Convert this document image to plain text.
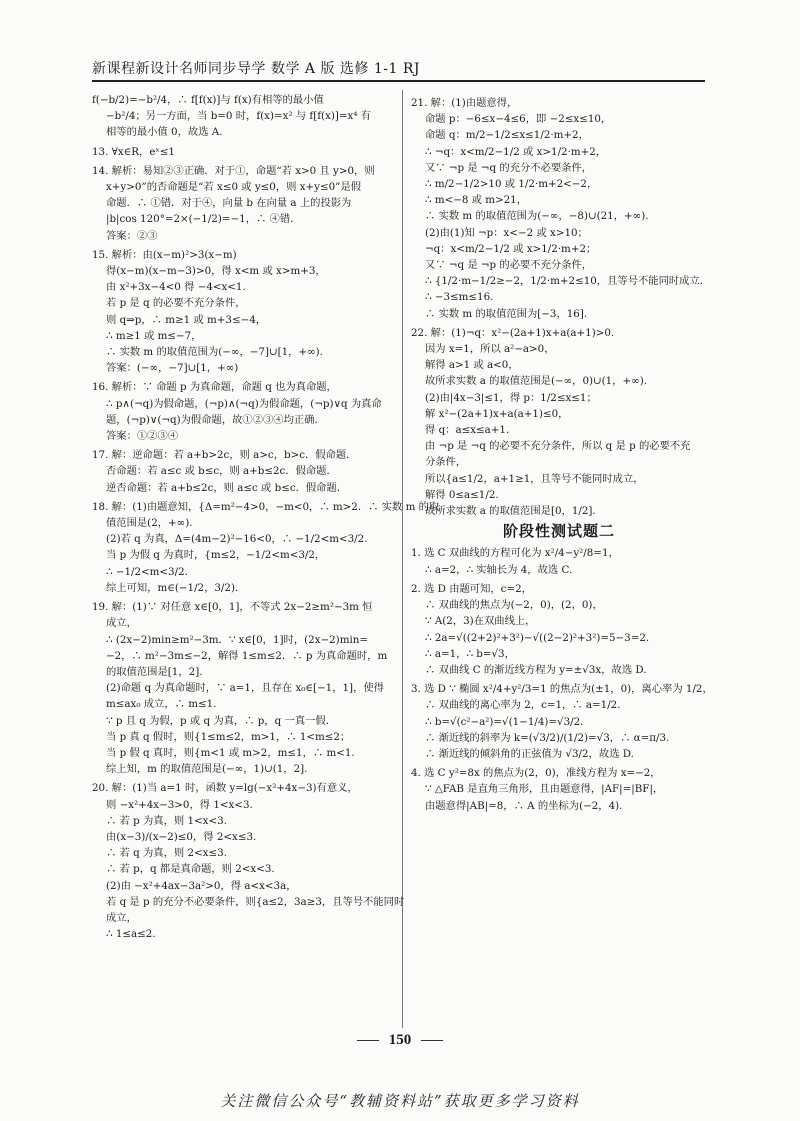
新课程新设计名师同步导学 数学 A 版 选修 1-1 RJ
f(−b/2)=−b²/4，∴ f[f(x)]与 f(x)有相等的最小值
−b²/4；另一方面，当 b=0 时，f(x)=x² 与 f[f(x)]=x⁴ 有
相等的最小值 0，故选 A.
13. ∀x∈R，eˣ≤1
14. 解析：易知②③正确．对于①，命题“若 x>0 且 y>0，则
x+y>0”的否命题是“若 x≤0 或 y≤0，则 x+y≤0”是假
命题．∴ ①错．对于④，向量 b 在向量 a 上的投影为
|b|cos 120°=2×(−1/2)=−1，∴ ④错．
答案：②③
15. 解析：由(x−m)²>3(x−m)
得(x−m)(x−m−3)>0，得 x<m 或 x>m+3，
由 x²+3x−4<0 得 −4<x<1.
若 p 是 q 的必要不充分条件，
则 q⇒p，∴ m≥1 或 m+3≤−4，
∴ m≥1 或 m≤−7，
∴ 实数 m 的取值范围为(−∞，−7]∪[1，+∞).
答案：(−∞，−7]∪[1，+∞)
16. 解析：∵ 命题 p 为真命题，命题 q 也为真命题，
∴ p∧(¬q)为假命题，(¬p)∧(¬q)为假命题，(¬p)∨q 为真命
题，(¬p)∨(¬q)为假命题，故①②③④均正确．
答案：①②③④
17. 解：逆命题：若 a+b>2c，则 a>c，b>c．假命题．
否命题：若 a≤c 或 b≤c，则 a+b≤2c．假命题．
逆否命题：若 a+b≤2c，则 a≤c 或 b≤c．假命题．
18. 解：(1)由题意知，{Δ=m²−4>0，−m<0，∴ m>2．∴ 实数 m 的取
值范围是(2，+∞).
(2)若 q 为真，Δ=(4m−2)²−16<0，∴ −1/2<m<3/2.
当 p 为假 q 为真时，{m≤2，−1/2<m<3/2，
∴ −1/2<m<3/2.
综上可知，m∈(−1/2，3/2).
19. 解：(1)∵ 对任意 x∈[0，1]，不等式 2x−2≥m²−3m 恒
成立，
∴ (2x−2)min≥m²−3m．∵ x∈[0，1]时，(2x−2)min=
−2，∴ m²−3m≤−2，解得 1≤m≤2．∴ p 为真命题时，m
的取值范围是[1，2].
(2)命题 q 为真命题时，∵ a=1，且存在 x₀∈[−1，1]，使得
m≤ax₀ 成立，∴ m≤1.
∵ p 且 q 为假，p 或 q 为真，∴ p，q 一真一假．
当 p 真 q 假时，则{1≤m≤2，m>1，∴ 1<m≤2；
当 p 假 q 真时，则{m<1 或 m>2，m≤1，∴ m<1.
综上知，m 的取值范围是(−∞，1)∪(1，2].
20. 解：(1)当 a=1 时，函数 y=lg(−x²+4x−3)有意义，
则 −x²+4x−3>0，得 1<x<3.
∴ 若 p 为真，则 1<x<3.
由(x−3)/(x−2)≤0，得 2<x≤3.
∴ 若 q 为真，则 2<x≤3.
∴ 若 p，q 都是真命题，则 2<x<3.
(2)由 −x²+4ax−3a²>0，得 a<x<3a，
若 q 是 p 的充分不必要条件，则{a≤2，3a≥3，且等号不能同时
成立，
∴ 1≤a≤2.
21. 解：(1)由题意得，
命题 p：−6≤x−4≤6，即 −2≤x≤10，
命题 q：m/2−1/2≤x≤1/2·m+2，
∴ ¬q：x<m/2−1/2 或 x>1/2·m+2，
又∵ ¬p 是 ¬q 的充分不必要条件，
∴ m/2−1/2>10 或 1/2·m+2<−2，
∴ m<−8 或 m>21，
∴ 实数 m 的取值范围为(−∞，−8)∪(21，+∞).
(2)由(1)知 ¬p：x<−2 或 x>10；
¬q：x<m/2−1/2 或 x>1/2·m+2；
又∵ ¬q 是 ¬p 的必要不充分条件，
∴ {1/2·m−1/2≥−2，1/2·m+2≤10，且等号不能同时成立．
∴ −3≤m≤16.
∴ 实数 m 的取值范围为[−3，16].
22. 解：(1)¬q：x²−(2a+1)x+a(a+1)>0.
因为 x=1，所以 a²−a>0，
解得 a>1 或 a<0，
故所求实数 a 的取值范围是(−∞，0)∪(1，+∞).
(2)由|4x−3|≤1，得 p：1/2≤x≤1；
解 x²−(2a+1)x+a(a+1)≤0，
得 q：a≤x≤a+1.
由 ¬p 是 ¬q 的必要不充分条件，所以 q 是 p 的必要不充
分条件，
所以{a≤1/2，a+1≥1，且等号不能同时成立，
解得 0≤a≤1/2.
故所求实数 a 的取值范围是[0，1/2].
阶段性测试题二
1. 选 C 双曲线的方程可化为 x²/4−y²/8=1，
∴ a=2，∴ 实轴长为 4，故选 C.
2. 选 D 由题可知，c=2，
∴ 双曲线的焦点为(−2，0)，(2，0)，
∵ A(2，3)在双曲线上，
∴ 2a=√((2+2)²+3²)−√((2−2)²+3²)=5−3=2.
∴ a=1，∴ b=√3，
∴ 双曲线 C 的渐近线方程为 y=±√3x，故选 D.
3. 选 D ∵ 椭圆 x²/4+y²/3=1 的焦点为(±1，0)，离心率为 1/2，
∴ 双曲线的离心率为 2，c=1，∴ a=1/2.
∴ b=√(c²−a²)=√(1−1/4)=√3/2.
∴ 渐近线的斜率为 k=(√3/2)/(1/2)=√3，∴ α=π/3.
∴ 渐近线的倾斜角的正弦值为 √3/2，故选 D.
4. 选 C y²=8x 的焦点为(2，0)，准线方程为 x=−2，
∵ △FAB 是直角三角形，且由题意得，|AF|=|BF|，
由题意得|AB|=8，∴ A 的坐标为(−2，4).
150
关注微信公众号“教辅资料站”获取更多学习资料
